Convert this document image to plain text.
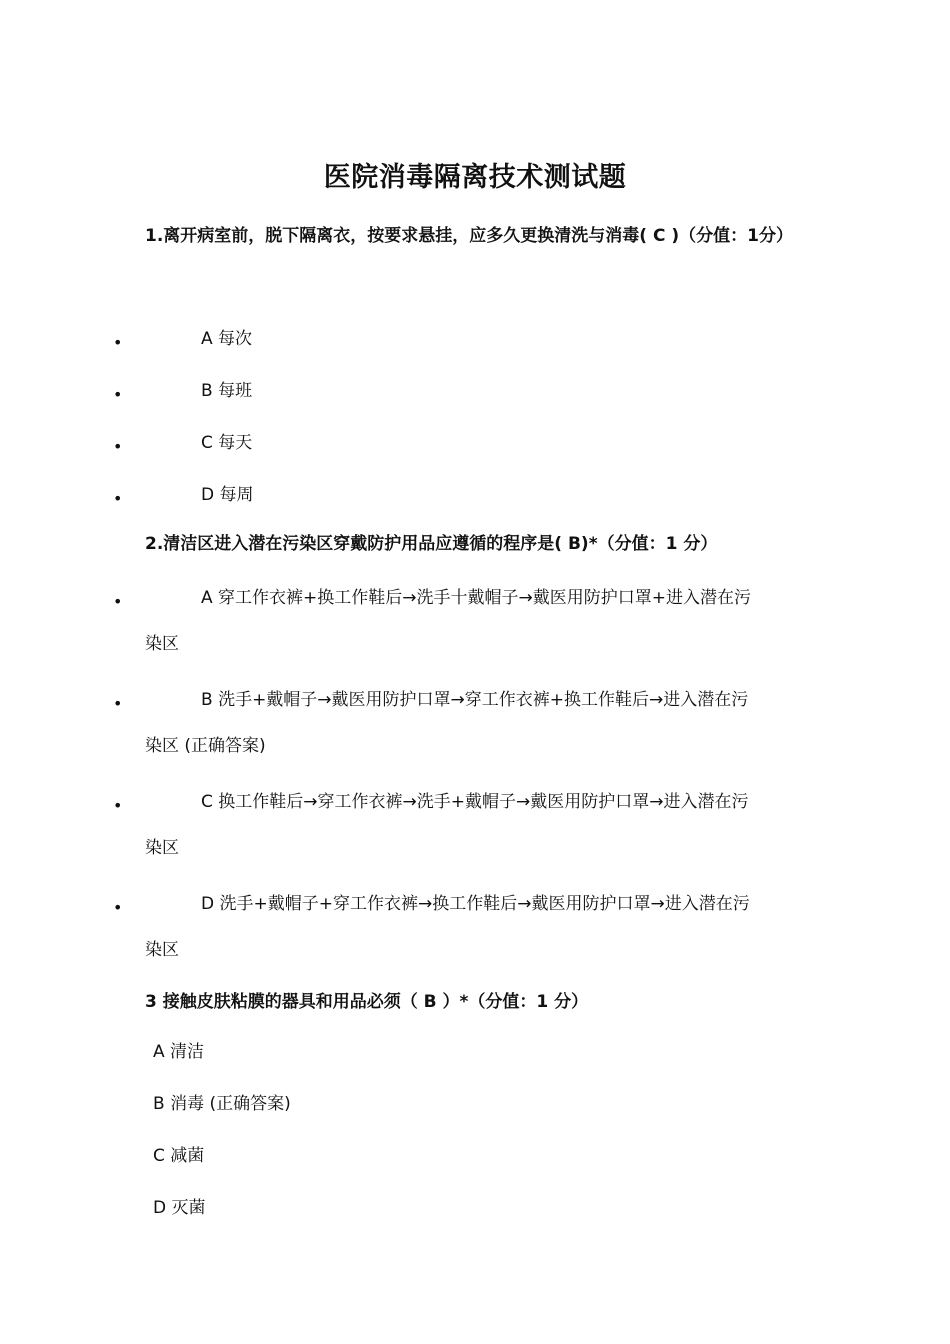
医院消毒隔离技术测试题
1.离开病室前，脱下隔离衣，按要求悬挂，应多久更换清洗与消毒( C )（分值：1分）
•	A 每次
•	B 每班
•	C 每天
•	D 每周
2.清洁区进入潜在污染区穿戴防护用品应遵循的程序是( B)*（分值：1 分）
•	A 穿工作衣裤+换工作鞋后→洗手十戴帽子→戴医用防护口罩+进入潜在污
染区
•	B 洗手+戴帽子→戴医用防护口罩→穿工作衣裤+换工作鞋后→进入潜在污
染区 (正确答案)
•	C 换工作鞋后→穿工作衣裤→洗手+戴帽子→戴医用防护口罩→进入潜在污
染区
•	D 洗手+戴帽子+穿工作衣裤→换工作鞋后→戴医用防护口罩→进入潜在污
染区
3 接触皮肤粘膜的器具和用品必须（ B ）*（分值：1 分）
A 清洁
B 消毒 (正确答案)
C 减菌
D 灭菌
